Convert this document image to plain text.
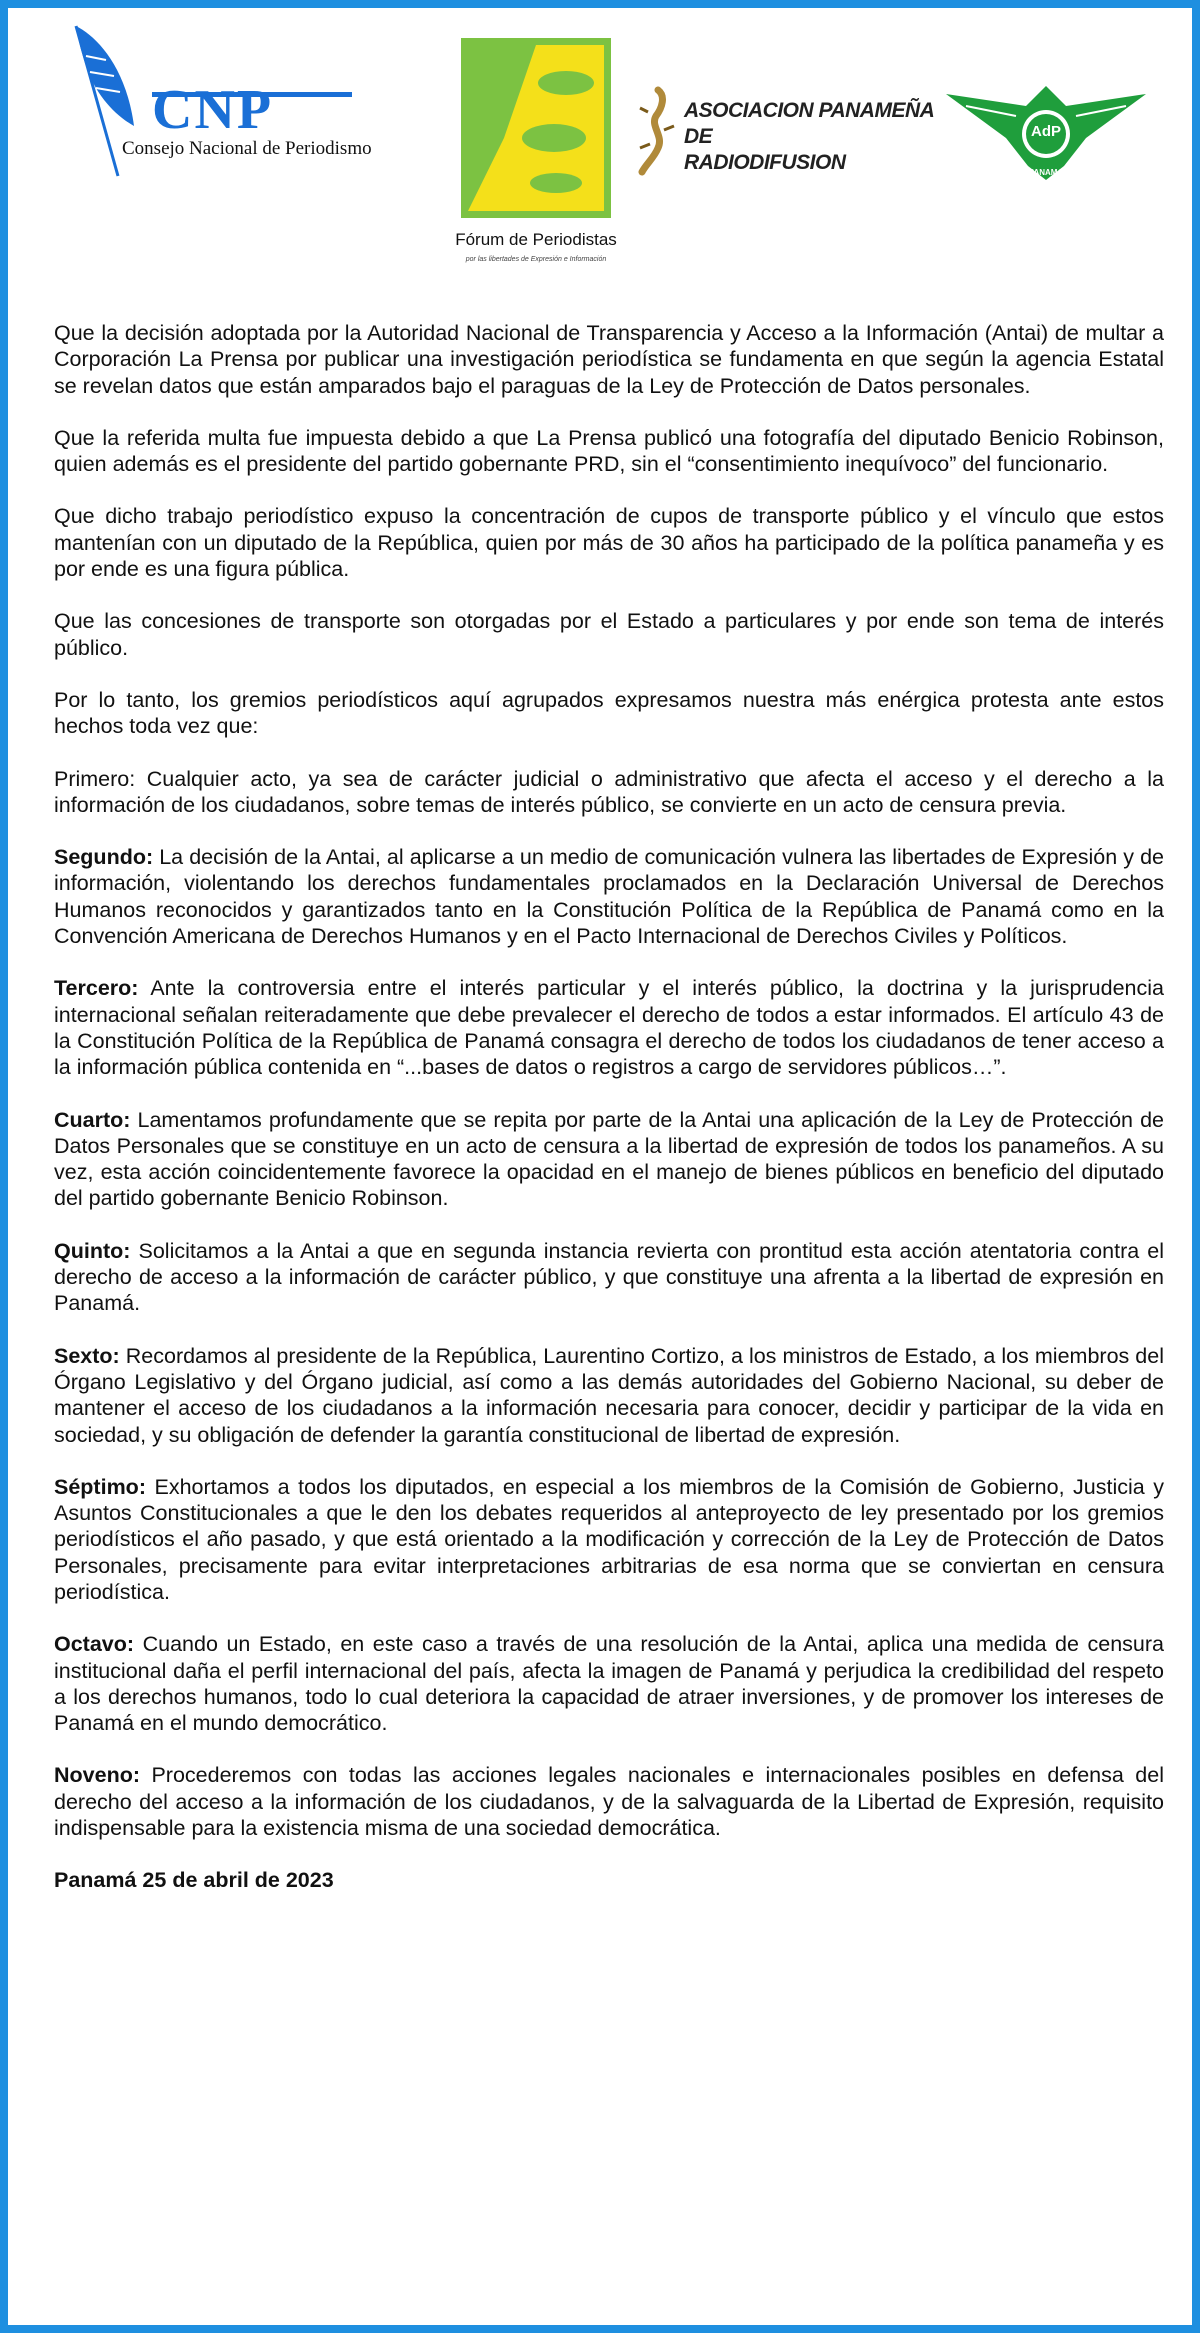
CNP
Consejo Nacional de Periodismo
Fórum de Periodistas
por las libertades de Expresión e Información
ASOCIACION PANAMEÑA DE
RADIODIFUSION
AdP
PANAMA

Que la decisión adoptada por la Autoridad Nacional de Transparencia y Acceso a la Información (Antai) de multar a Corporación La Prensa por publicar una investigación periodística se fundamenta en que según la agencia Estatal se revelan datos que están amparados bajo el paraguas de la Ley de Protección de Datos personales.

Que la referida multa fue impuesta debido a que La Prensa publicó una fotografía del diputado Benicio Robinson, quien además es el presidente del partido gobernante PRD, sin el “consentimiento inequívoco” del funcionario.

Que dicho trabajo periodístico expuso la concentración de cupos de transporte público y el vínculo que estos mantenían con un diputado de la República, quien por más de 30 años ha participado de la política panameña y es por ende es una figura pública.

Que las concesiones de transporte son otorgadas por el Estado a particulares y por ende son tema de interés público.

Por lo tanto, los gremios periodísticos aquí agrupados expresamos nuestra más enérgica protesta ante estos hechos toda vez que:

Primero: Cualquier acto, ya sea de carácter judicial o administrativo que afecta el acceso y el derecho a la información de los ciudadanos, sobre temas de interés público, se convierte en un acto de censura previa.

Segundo: La decisión de la Antai, al aplicarse a un medio de comunicación vulnera las libertades de Expresión y de información, violentando los derechos fundamentales proclamados en la Declaración Universal de Derechos Humanos reconocidos y garantizados tanto en la Constitución Política de la República de Panamá como en la Convención Americana de Derechos Humanos y en el Pacto Internacional de Derechos Civiles y Políticos.

Tercero: Ante la controversia entre el interés particular y el interés público, la doctrina y la jurisprudencia internacional señalan reiteradamente que debe prevalecer el derecho de todos a estar informados. El artículo 43 de la Constitución Política de la República de Panamá consagra el derecho de todos los ciudadanos de tener acceso a la información pública contenida en “...bases de datos o registros a cargo de servidores públicos…”.

Cuarto: Lamentamos profundamente que se repita por parte de la Antai una aplicación de la Ley de Protección de Datos Personales que se constituye en un acto de censura a la libertad de expresión de todos los panameños. A su vez, esta acción coincidentemente favorece la opacidad en el manejo de bienes públicos en beneficio del diputado del partido gobernante Benicio Robinson.

Quinto: Solicitamos a la Antai a que en segunda instancia revierta con prontitud esta acción atentatoria contra el derecho de acceso a la información de carácter público, y que constituye una afrenta a la libertad de expresión en Panamá.

Sexto: Recordamos al presidente de la República, Laurentino Cortizo, a los ministros de Estado, a los miembros del Órgano Legislativo y del Órgano judicial, así como a las demás autoridades del Gobierno Nacional, su deber de mantener el acceso de los ciudadanos a la información necesaria para conocer, decidir y participar de la vida en sociedad, y su obligación de defender la garantía constitucional de libertad de expresión.

Séptimo: Exhortamos a todos los diputados, en especial a los miembros de la Comisión de Gobierno, Justicia y Asuntos Constitucionales a que le den los debates requeridos al anteproyecto de ley presentado por los gremios periodísticos el año pasado, y que está orientado a la modificación y corrección de la Ley de Protección de Datos Personales, precisamente para evitar interpretaciones arbitrarias de esa norma que se conviertan en censura periodística.

Octavo: Cuando un Estado, en este caso a través de una resolución de la Antai, aplica una medida de censura institucional daña el perfil internacional del país, afecta la imagen de Panamá y perjudica la credibilidad del respeto a los derechos humanos, todo lo cual deteriora la capacidad de atraer inversiones, y de promover los intereses de Panamá en el mundo democrático.

Noveno: Procederemos con todas las acciones legales nacionales e internacionales posibles en defensa del derecho del acceso a la información de los ciudadanos, y de la salvaguarda de la Libertad de Expresión, requisito indispensable para la existencia misma de una sociedad democrática.

Panamá 25 de abril de 2023
